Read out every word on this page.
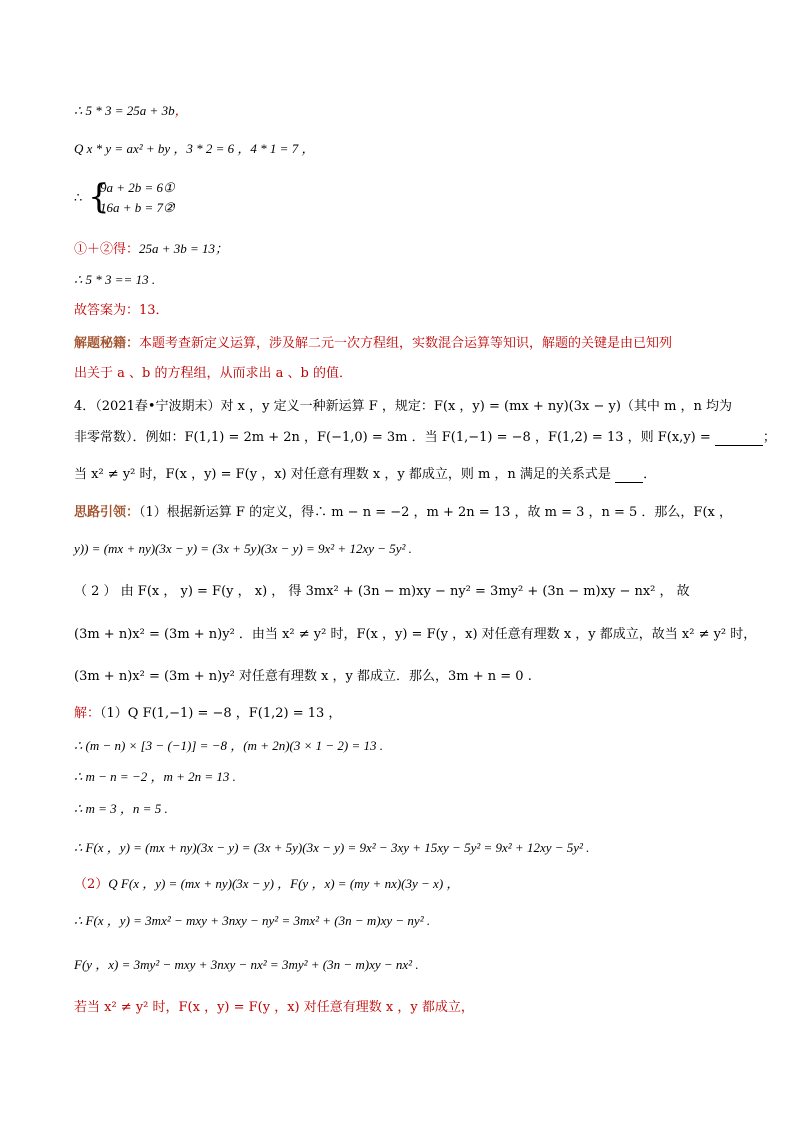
∴ 5 * 3 = 25a + 3b，
Q x * y = ax² + by ，3 * 2 = 6 ，4 * 1 = 7 ，
∴ {
9a + 2b = 6①
16a + b = 7②
，
①＋②得：25a + 3b = 13；
∴ 5 * 3 == 13 .
故答案为：13．
解题秘籍：本题考查新定义运算，涉及解二元一次方程组，实数混合运算等知识，解题的关键是由已知列
出关于 a 、b 的方程组，从而求出 a 、b 的值．
4．（2021春•宁波期末）对 x ，y 定义一种新运算 F ，规定：F(x ，y) = (mx + ny)(3x − y)（其中 m ，n 均为
非零常数）．例如：F(1,1) = 2m + 2n ，F(−1,0) = 3m ．当 F(1,−1) = −8 ，F(1,2) = 13 ，则 F(x,y) =	；
当 x² ≠ y² 时，F(x ，y) = F(y ，x) 对任意有理数 x ，y 都成立，则 m ，n 满足的关系式是 ．
思路引领：（1）根据新运算 F 的定义，得∴ m − n = −2 ，m + 2n = 13 ，故 m = 3 ，n = 5 ．那么，F(x ，
y)) = (mx + ny)(3x − y) = (3x + 5y)(3x − y) = 9x² + 12xy − 5y² .
（ 2 ） 由 F(x ， y) = F(y ， x) ， 得 3mx² + (3n − m)xy − ny² = 3my² + (3n − m)xy − nx² ， 故
(3m + n)x² = (3m + n)y² ．由当 x² ≠ y² 时，F(x ，y) = F(y ，x) 对任意有理数 x ，y 都成立，故当 x² ≠ y² 时，
(3m + n)x² = (3m + n)y² 对任意有理数 x ，y 都成立．那么，3m + n = 0 .
解：（1）Q F(1,−1) = −8 ，F(1,2) = 13 ，
∴ (m − n) × [3 − (−1)] = −8 ，(m + 2n)(3 × 1 − 2) = 13 .
∴ m − n = −2 ，m + 2n = 13 .
∴ m = 3 ，n = 5 .
∴ F(x ，y) = (mx + ny)(3x − y) = (3x + 5y)(3x − y) = 9x² − 3xy + 15xy − 5y² = 9x² + 12xy − 5y² .
（2）Q F(x ，y) = (mx + ny)(3x − y) ，F(y ，x) = (my + nx)(3y − x) ，
∴ F(x ，y) = 3mx² − mxy + 3nxy − ny² = 3mx² + (3n − m)xy − ny² .
F(y ，x) = 3my² − mxy + 3nxy − nx² = 3my² + (3n − m)xy − nx² .
若当 x² ≠ y² 时，F(x ，y) = F(y ，x) 对任意有理数 x ，y 都成立，
